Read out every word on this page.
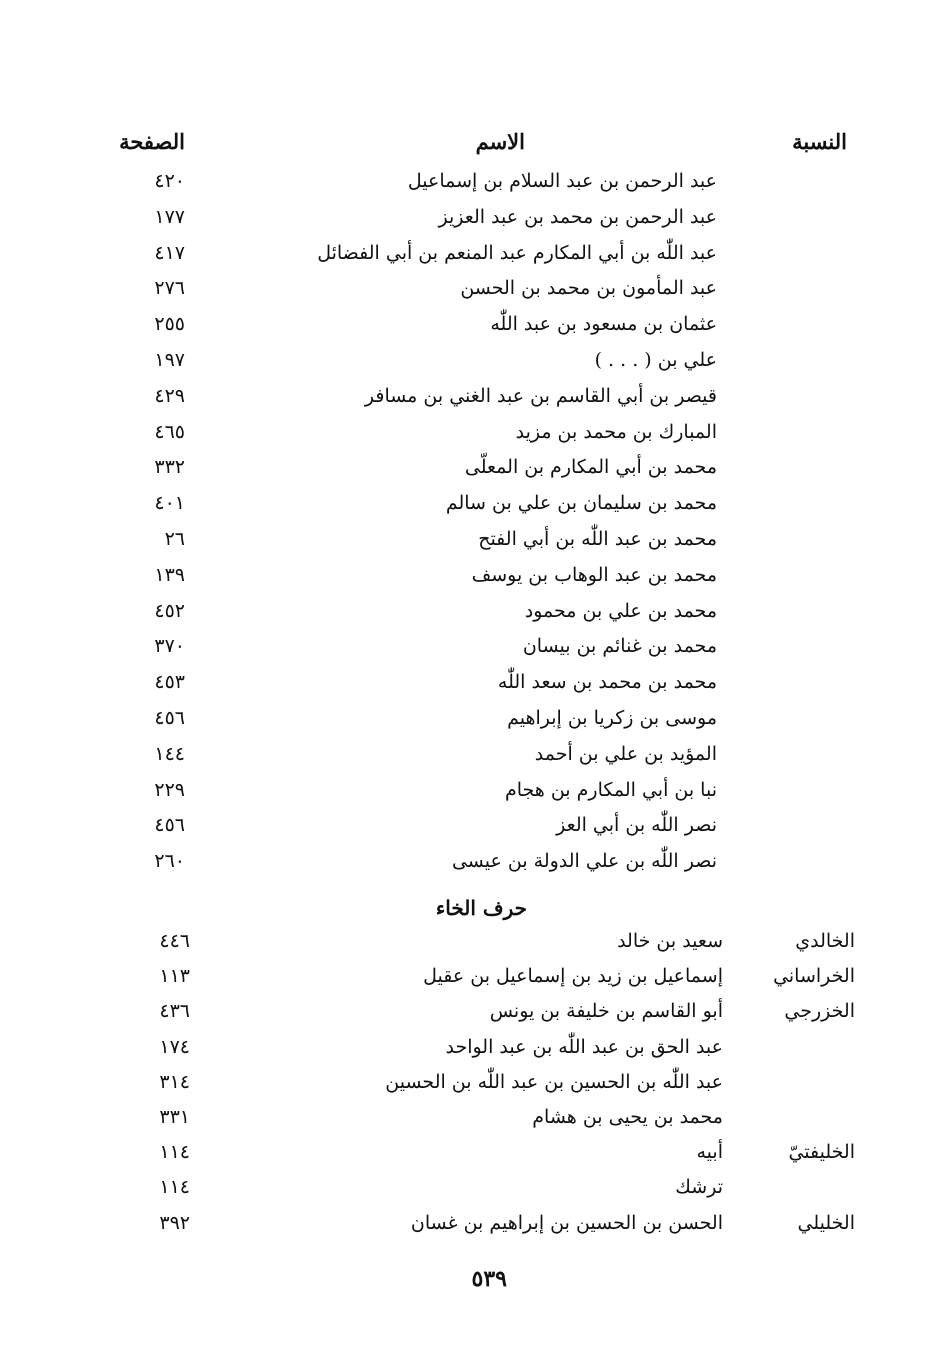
النسبة
الاسم
الصفحة
عبد الرحمن بن عبد السلام بن إسماعيل
٤٢٠
عبد الرحمن بن محمد بن عبد العزيز
١٧٧
عبد اللّٰه بن أبي المكارم عبد المنعم بن أبي الفضائل
٤١٧
عبد المأمون بن محمد بن الحسن
٢٧٦
عثمان بن مسعود بن عبد اللّٰه
٢٥٥
علي بن ( . . . )
١٩٧
قيصر بن أبي القاسم بن عبد الغني بن مسافر
٤٢٩
المبارك بن محمد بن مزيد
٤٦٥
محمد بن أبي المكارم بن المعلّى
٣٣٢
محمد بن سليمان بن علي بن سالم
٤٠١
محمد بن عبد اللّٰه بن أبي الفتح
٢٦
محمد بن عبد الوهاب بن يوسف
١٣٩
محمد بن علي بن محمود
٤٥٢
محمد بن غنائم بن بيسان
٣٧٠
محمد بن محمد بن سعد اللّٰه
٤٥٣
موسى بن زكريا بن إبراهيم
٤٥٦
المؤيد بن علي بن أحمد
١٤٤
نبا بن أبي المكارم بن هجام
٢٢٩
نصر اللّٰه بن أبي العز
٤٥٦
نصر اللّٰه بن علي الدولة بن عيسى
٢٦٠
حرف الخاء
الخالدي
سعيد بن خالد
٤٤٦
الخراساني
إسماعيل بن زيد بن إسماعيل بن عقيل
١١٣
الخزرجي
أبو القاسم بن خليفة بن يونس
٤٣٦
عبد الحق بن عبد اللّٰه بن عبد الواحد
١٧٤
عبد اللّٰه بن الحسين بن عبد اللّٰه بن الحسين
٣١٤
محمد بن يحيى بن هشام
٣٣١
الخليفتيّ
أبيه
١١٤
ترشك
١١٤
الخليلي
الحسن بن الحسين بن إبراهيم بن غسان
٣٩٢
٥٣٩
